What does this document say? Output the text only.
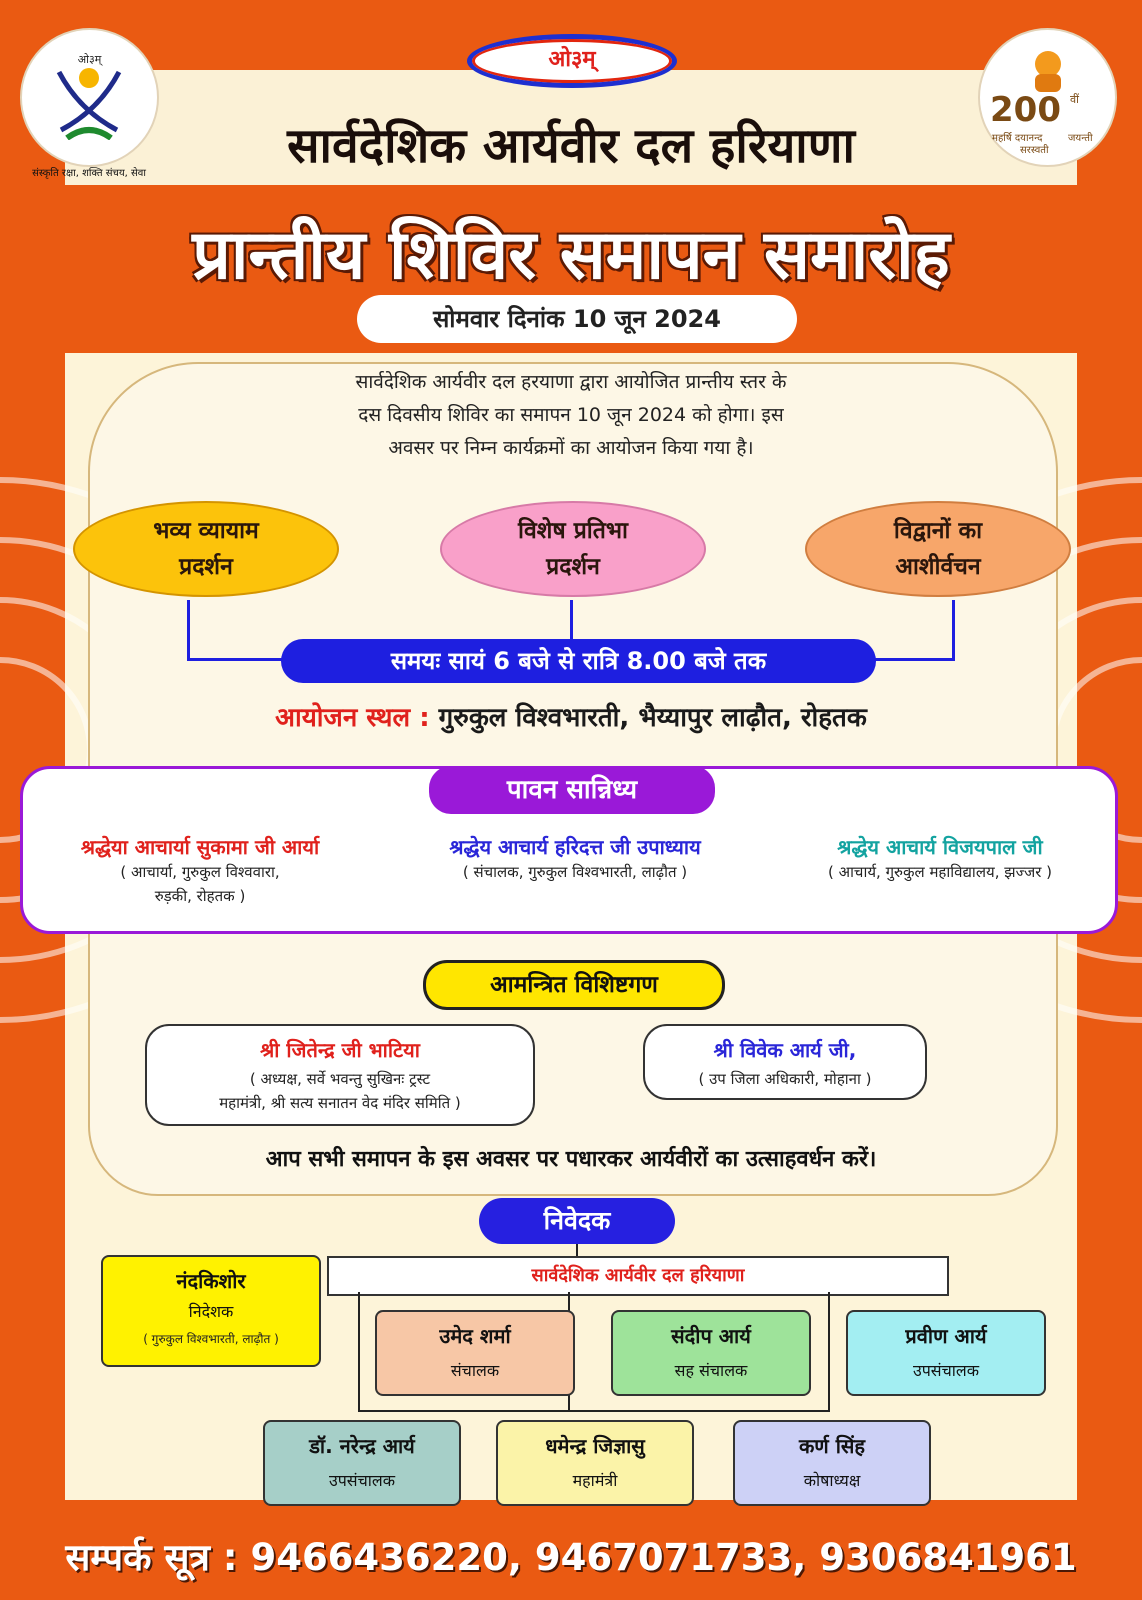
ओ३म्
ओ३म्
संस्कृति रक्षा, शक्ति संचय, सेवा
200 वीं
महर्षि दयानन्द
सरस्वती
जयन्ती
सार्वदेशिक आर्यवीर दल हरियाणा
प्रान्तीय शिविर समापन समारोह
सोमवार दिनांक 10 जून 2024
सार्वदेशिक आर्यवीर दल हरयाणा द्वारा आयोजित प्रान्तीय स्तर के
दस दिवसीय शिविर का समापन 10 जून 2024 को होगा। इस
अवसर पर निम्न कार्यक्रमों का आयोजन किया गया है।
भव्य व्यायाम
प्रदर्शन
विशेष प्रतिभा
प्रदर्शन
विद्वानों का
आशीर्वचन
समयः सायं 6 बजे से रात्रि 8.00 बजे तक
आयोजन स्थल : गुरुकुल विश्वभारती, भैय्यापुर लाढ़ौत, रोहतक
पावन सान्निध्य
श्रद्धेया आचार्या सुकामा जी आर्या
( आचार्या, गुरुकुल विश्ववारा,
रुड़की, रोहतक )
श्रद्धेय आचार्य हरिदत्त जी उपाध्याय
( संचालक, गुरुकुल विश्वभारती, लाढ़ौत )
श्रद्धेय आचार्य विजयपाल जी
( आचार्य, गुरुकुल महाविद्यालय, झज्जर )
आमन्त्रित विशिष्टगण
श्री जितेन्द्र जी भाटिया
( अध्यक्ष, सर्वे भवन्तु सुखिनः ट्रस्ट
महामंत्री, श्री सत्य सनातन वेद मंदिर समिति )
श्री विवेक आर्य जी,
( उप जिला अधिकारी, मोहाना )
आप सभी समापन के इस अवसर पर पधारकर आर्यवीरों का उत्साहवर्धन करें।
निवेदक
सार्वदेशिक आर्यवीर दल हरियाणा
नंदकिशोर
निदेशक
( गुरुकुल विश्वभारती, लाढ़ौत )	उमेद शर्मा
संचालक
संदीप आर्य
सह संचालक
प्रवीण आर्य
उपसंचालक
डॉ. नरेन्द्र आर्य
उपसंचालक
धमेन्द्र जिज्ञासु
महामंत्री
कर्ण सिंह
कोषाध्यक्ष
सम्पर्क सूत्र : 9466436220, 9467071733, 9306841961
